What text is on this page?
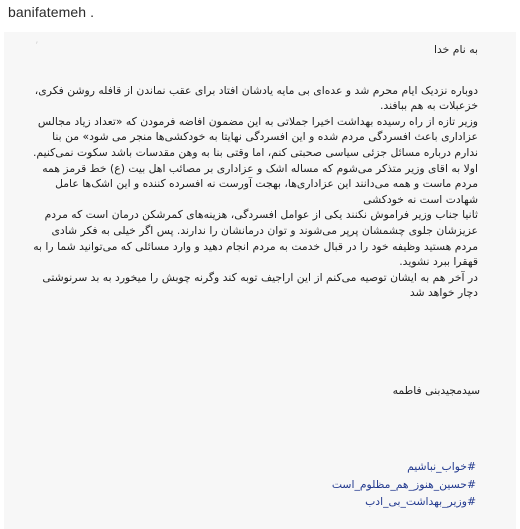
banifatemeh .
′	به نام خدا

دوباره نزدیک ایام محرم شد و عده‌ای بی مایه یادشان افتاد برای عقب نماندن از قافله روشن فکری، خزعبلات به هم ببافند.

وزیر تازه از راه رسیده بهداشت اخیرا جملاتی به این مضمون افاضه فرمودن که «تعداد زیاد مجالس عزاداری باعث افسردگی مردم شده و این افسردگی نهایتا به خودکشی‌ها منجر می شود» من بنا ندارم درباره مسائل جزئی سیاسی صحبتی کنم، اما وقتی بنا به وهن مقدسات باشد سکوت نمی‌کنیم.

اولا به اقای وزیر متذکر می‌شوم که مساله اشک و عزاداری بر مصائب اهل بیت (ع) خط قرمز همه مردم ماست و همه می‌دانند این عزاداری‌ها، بهجت آورست نه افسرده کننده و این اشک‌ها عامل شهادت است نه خودکشی

ثانیا جناب وزیر فراموش نکنند یکی از عوامل افسردگی، هزینه‌های کمرشکن درمان است که مردم عزیزشان جلوی چشمشان پرپر می‌شوند و توان درمانشان را ندارند. پس اگر خیلی به فکر شادی مردم هستید وظیفه خود را در قبال خدمت به مردم انجام دهید و وارد مسائلی که می‌توانید شما را به قهقرا ببرد نشوید.

در آخر هم به ایشان توصیه می‌کنم از این اراجیف توبه کند وگرنه چوبش را میخورد به بد سرنوشتی دچار خواهد شد

سیدمجیدبنی فاطمه
#خواب_نباشیم
#حسین_هنوز_هم_مظلوم_است
#وزیر_بهداشت_بی_ادب
